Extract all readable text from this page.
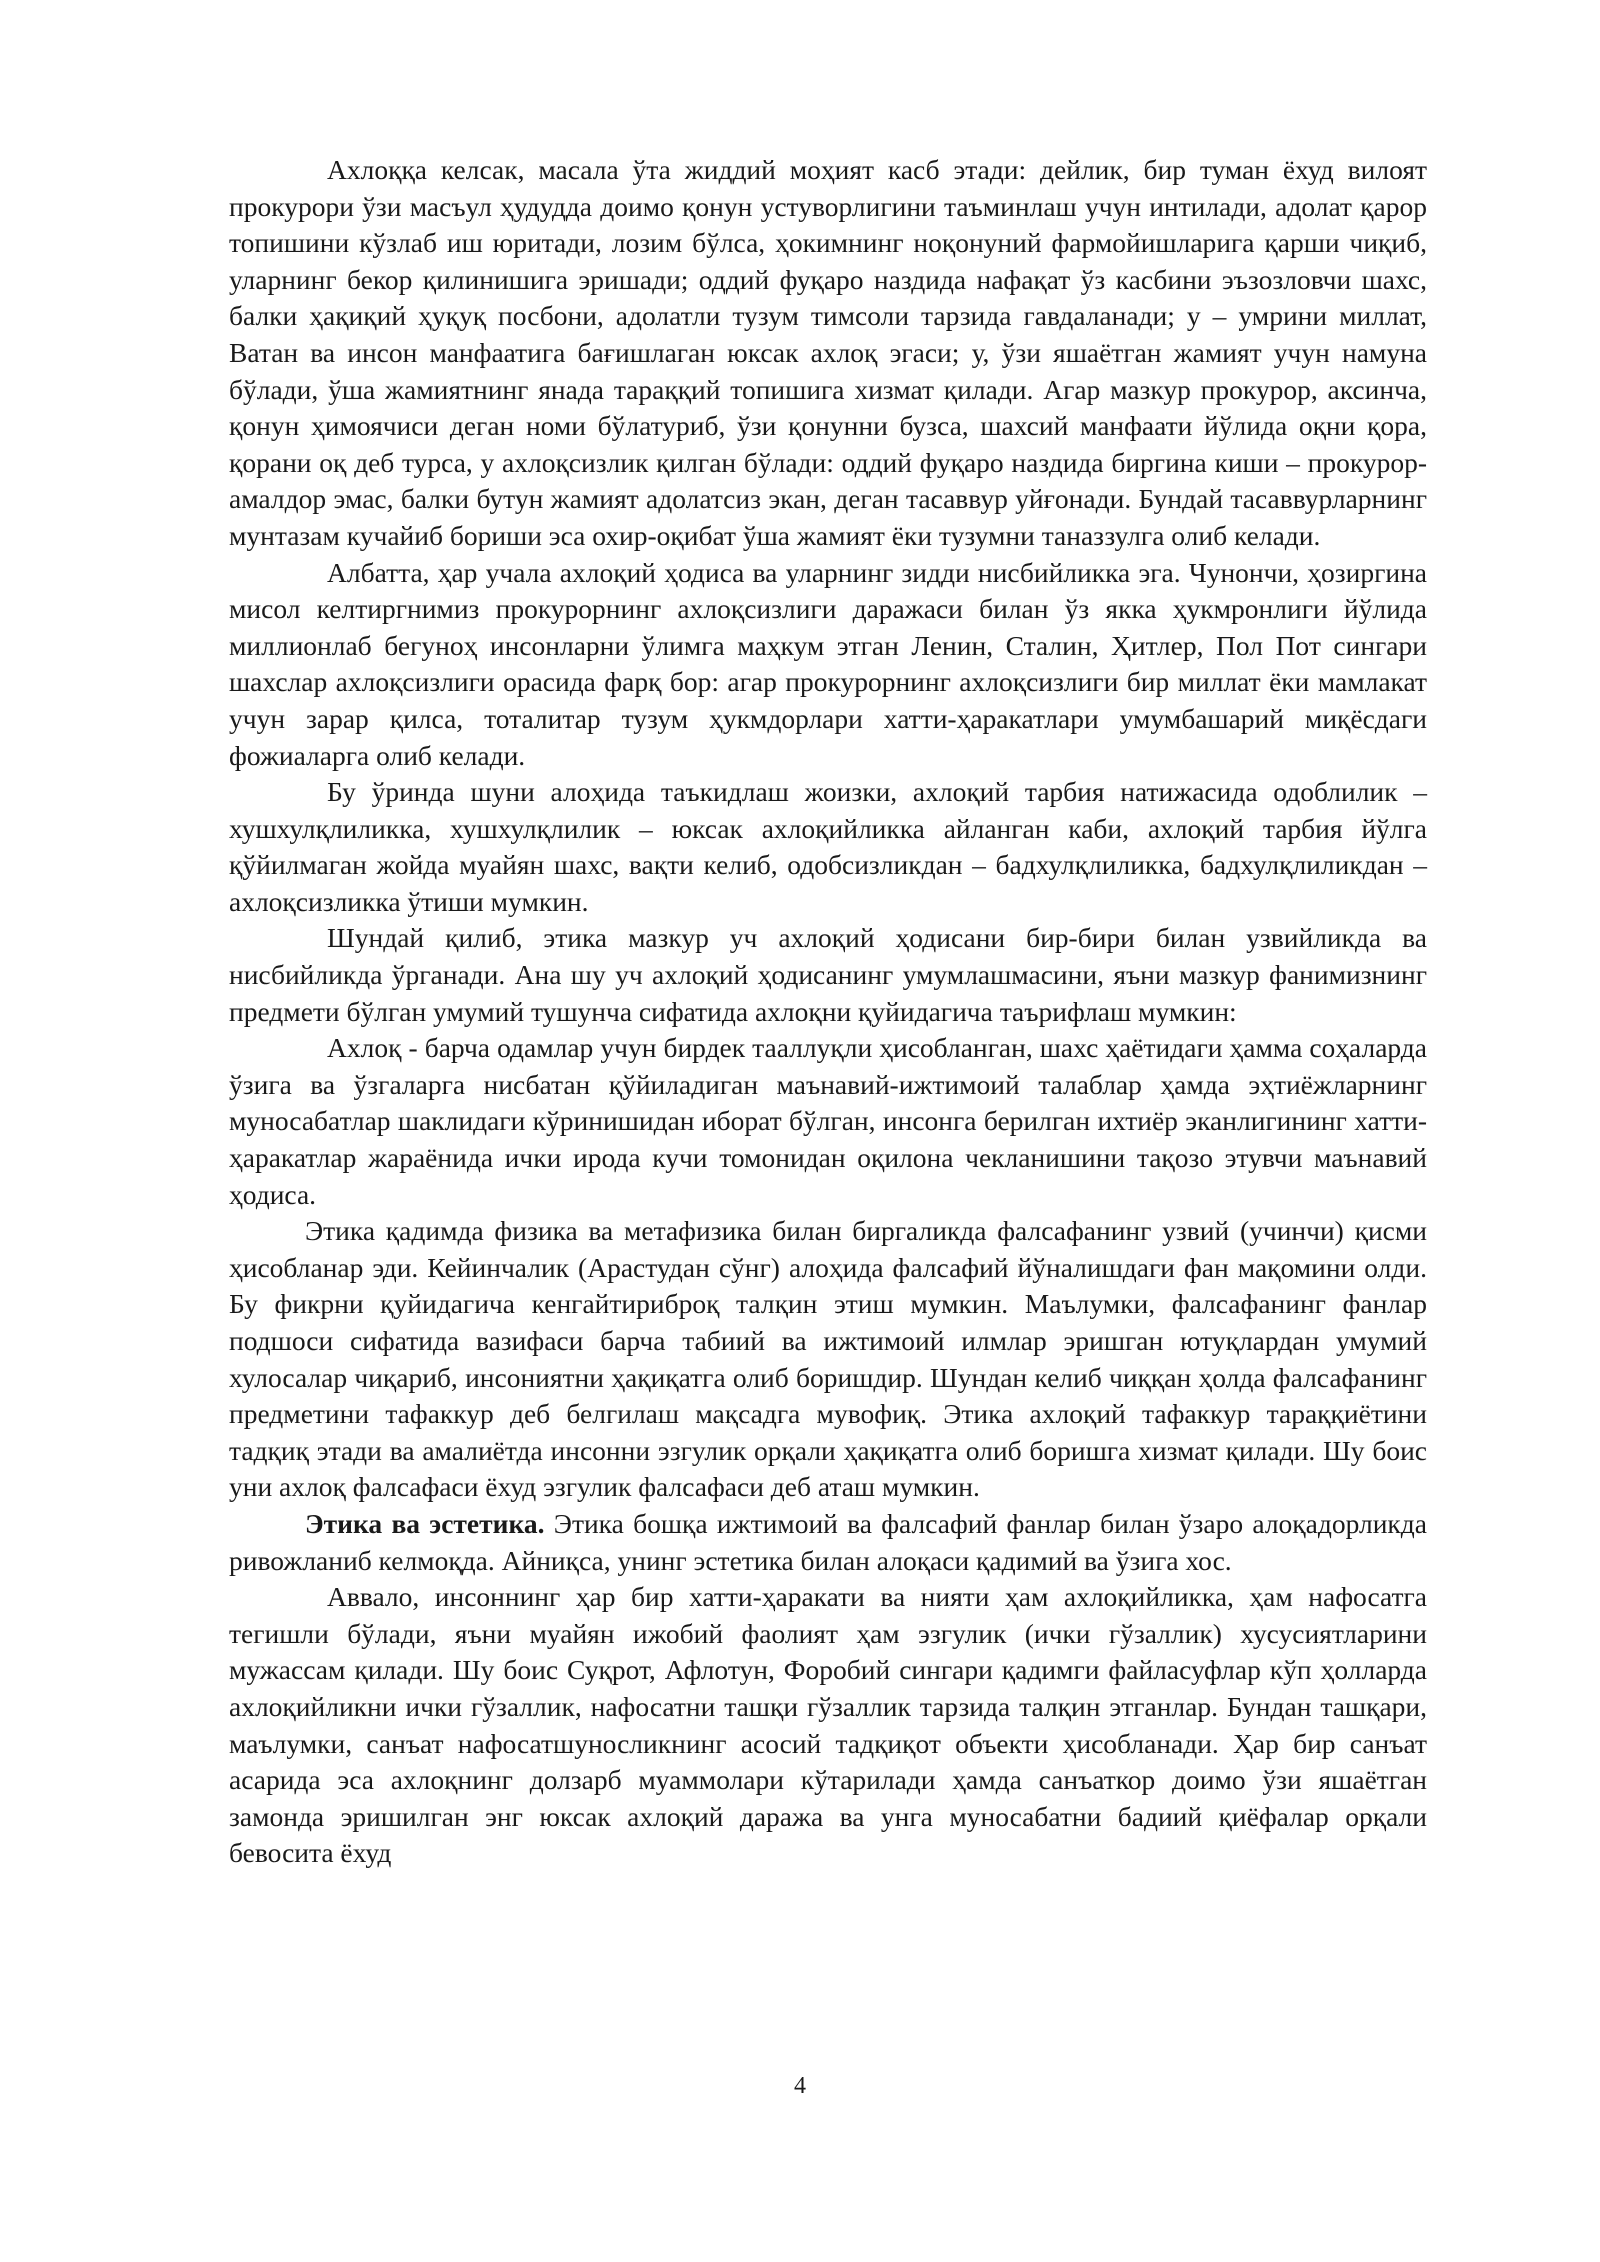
Ахлоққа келсак, масала ўта жиддий моҳият касб этади: дейлик, бир туман ёхуд вилоят прокурори ўзи масъул ҳудудда доимо қонун устуворлигини таъминлаш учун интилади, адолат қарор топишини кўзлаб иш юритади, лозим бўлса, ҳокимнинг ноқонуний фармойишларига қарши чиқиб, уларнинг бекор қилинишига эришади; оддий фуқаро наздида нафақат ўз касбини эъзозловчи шахс, балки ҳақиқий ҳуқуқ посбони, адолатли тузум тимсоли тарзида гавдаланади; у – умрини миллат, Ватан ва инсон манфаатига бағишлаган юксак ахлоқ эгаси; у, ўзи яшаётган жамият учун намуна бўлади, ўша жамиятнинг янада тараққий топишига хизмат қилади. Агар мазкур прокурор, аксинча, қонун ҳимоячиси деган номи бўлатуриб, ўзи қонунни бузса, шахсий манфаати йўлида оқни қора, қорани оқ деб турса, у ахлоқсизлик қилган бўлади: оддий фуқаро наздида биргина киши – прокурор-амалдор эмас, балки бутун жамият адолатсиз экан, деган тасаввур уйғонади. Бундай тасаввурларнинг мунтазам кучайиб бориши эса охир-оқибат ўша жамият ёки тузумни таназзулга олиб келади.

Албатта, ҳар учала ахлоқий ҳодиса ва уларнинг зидди нисбийликка эга. Чунончи, ҳозиргина мисол келтиргнимиз прокурорнинг ахлоқсизлиги даражаси билан ўз якка ҳукмронлиги йўлида миллионлаб бегуноҳ инсонларни ўлимга маҳкум этган Ленин, Сталин, Ҳитлер, Пол Пот сингари шахслар ахлоқсизлиги орасида фарқ бор: агар прокурорнинг ахлоқсизлиги бир миллат ёки мамлакат учун зарар қилса, тоталитар тузум ҳукмдорлари хатти-ҳаракатлари умумбашарий миқёсдаги фожиаларга олиб келади.

Бу ўринда шуни алоҳида таъкидлаш жоизки, ахлоқий тарбия натижасида одоблилик – хушхулқлиликка, хушхулқлилик – юксак ахлоқийликка айланган каби, ахлоқий тарбия йўлга қўйилмаган жойда муайян шахс, вақти келиб, одобсизликдан – бадхулқлиликка, бадхулқлиликдан – ахлоқсизликка ўтиши мумкин.

Шундай қилиб, этика мазкур уч ахлоқий ҳодисани бир-бири билан узвийликда ва нисбийликда ўрганади. Ана шу уч ахлоқий ҳодисанинг умумлашмасини, яъни мазкур фанимизнинг предмети бўлган умумий тушунча сифатида ахлоқни қуйидагича таърифлаш мумкин:

Ахлоқ - барча одамлар учун бирдек тааллуқли ҳисобланган, шахс ҳаётидаги ҳамма соҳаларда ўзига ва ўзгаларга нисбатан қўйиладиган маънавий-ижтимоий талаблар ҳамда эҳтиёжларнинг муносабатлар шаклидаги кўринишидан иборат бўлган, инсонга берилган ихтиёр эканлигининг хатти-ҳаракатлар жараёнида ички ирода кучи томонидан оқилона чекланишини тақозо этувчи маънавий ҳодиса.

Этика қадимда физика ва метафизика билан биргаликда фалсафанинг узвий (учинчи) қисми ҳисобланар эди. Кейинчалик (Арастудан сўнг) алоҳида фалсафий йўналишдаги фан мақомини олди. Бу фикрни қуйидагича кенгайтириброқ талқин этиш мумкин. Маълумки, фалсафанинг фанлар подшоси сифатида вазифаси барча табиий ва ижтимоий илмлар эришган ютуқлардан умумий хулосалар чиқариб, инсониятни ҳақиқатга олиб боришдир. Шундан келиб чиққан ҳолда фалсафанинг предметини тафаккур деб белгилаш мақсадга мувофиқ. Этика ахлоқий тафаккур тараққиётини тадқиқ этади ва амалиётда инсонни эзгулик орқали ҳақиқатга олиб боришга хизмат қилади. Шу боис уни ахлоқ фалсафаси ёхуд эзгулик фалсафаси деб аташ мумкин.

Этика ва эстетика. Этика бошқа ижтимоий ва фалсафий фанлар билан ўзаро алоқадорликда ривожланиб келмоқда. Айниқса, унинг эстетика билан алоқаси қадимий ва ўзига хос.

Аввало, инсоннинг ҳар бир хатти-ҳаракати ва нияти ҳам ахлоқийликка, ҳам нафосатга тегишли бўлади, яъни муайян ижобий фаолият ҳам эзгулик (ички гўзаллик) хусусиятларини мужассам қилади. Шу боис Суқрот, Афлотун, Форобий сингари қадимги файласуфлар кўп ҳолларда ахлоқийликни ички гўзаллик, нафосатни ташқи гўзаллик тарзида талқин этганлар. Бундан ташқари, маълумки, санъат нафосатшуносликнинг асосий тадқиқот объекти ҳисобланади. Ҳар бир санъат асарида эса ахлоқнинг долзарб муаммолари кўтарилади ҳамда санъаткор доимо ўзи яшаётган замонда эришилган энг юксак ахлоқий даража ва унга муносабатни бадиий қиёфалар орқали бевосита ёхуд

4
